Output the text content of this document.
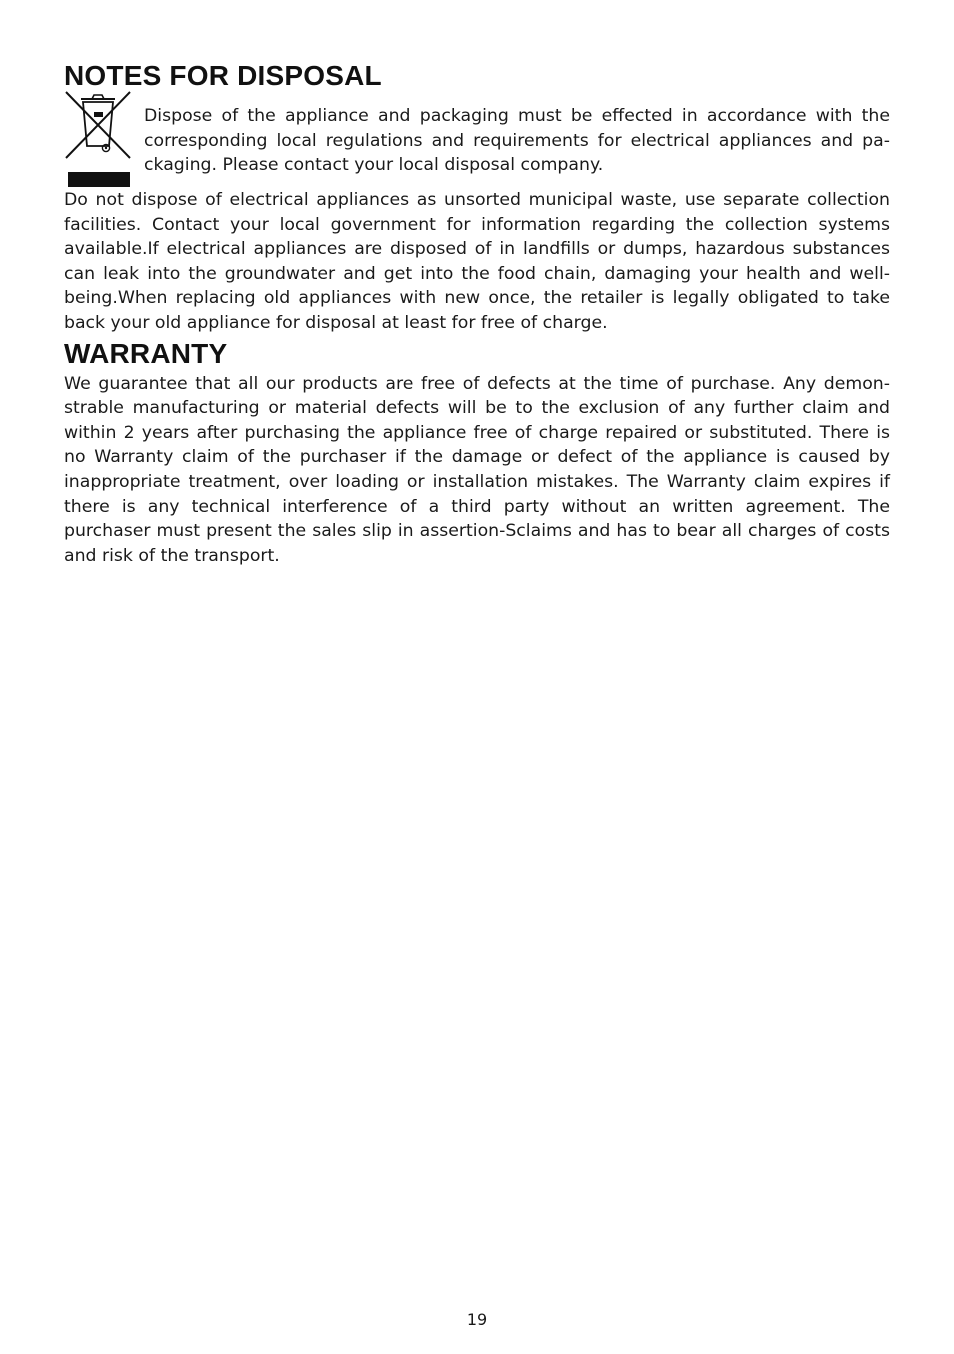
NOTES FOR DISPOSAL

Dispose of the appliance and packaging must be effected in accordance with the corresponding local regulations and requirements for electrical appliances and packaging. Please contact your local disposal company.

Do not dispose of electrical appliances as unsorted municipal waste, use separate collection facilities. Contact your local government for information regarding the collection systems available.If electrical appliances are disposed of in landfills or dumps, hazardous substances can leak into the groundwater and get into the food chain, damaging your health and well-being.When replacing old appliances with new once, the retailer is legally obligated to take back your old appliance for disposal at least for free of charge.

WARRANTY

We guarantee that all our products are free of defects at the time of purchase. Any demonstrable manufacturing or material defects will be to the exclusion of any further claim and within 2 years after purchasing the appliance free of charge repaired or substituted. There is no Warranty claim of the purchaser if the damage or defect of the appliance is caused by inappropriate treatment, over loading or installation mistakes. The Warranty claim expires if there is any technical interference of a third party without an written agreement. The purchaser must present the sales slip in assertion-Sclaims and has to bear all charges of costs and risk of the transport.

19
